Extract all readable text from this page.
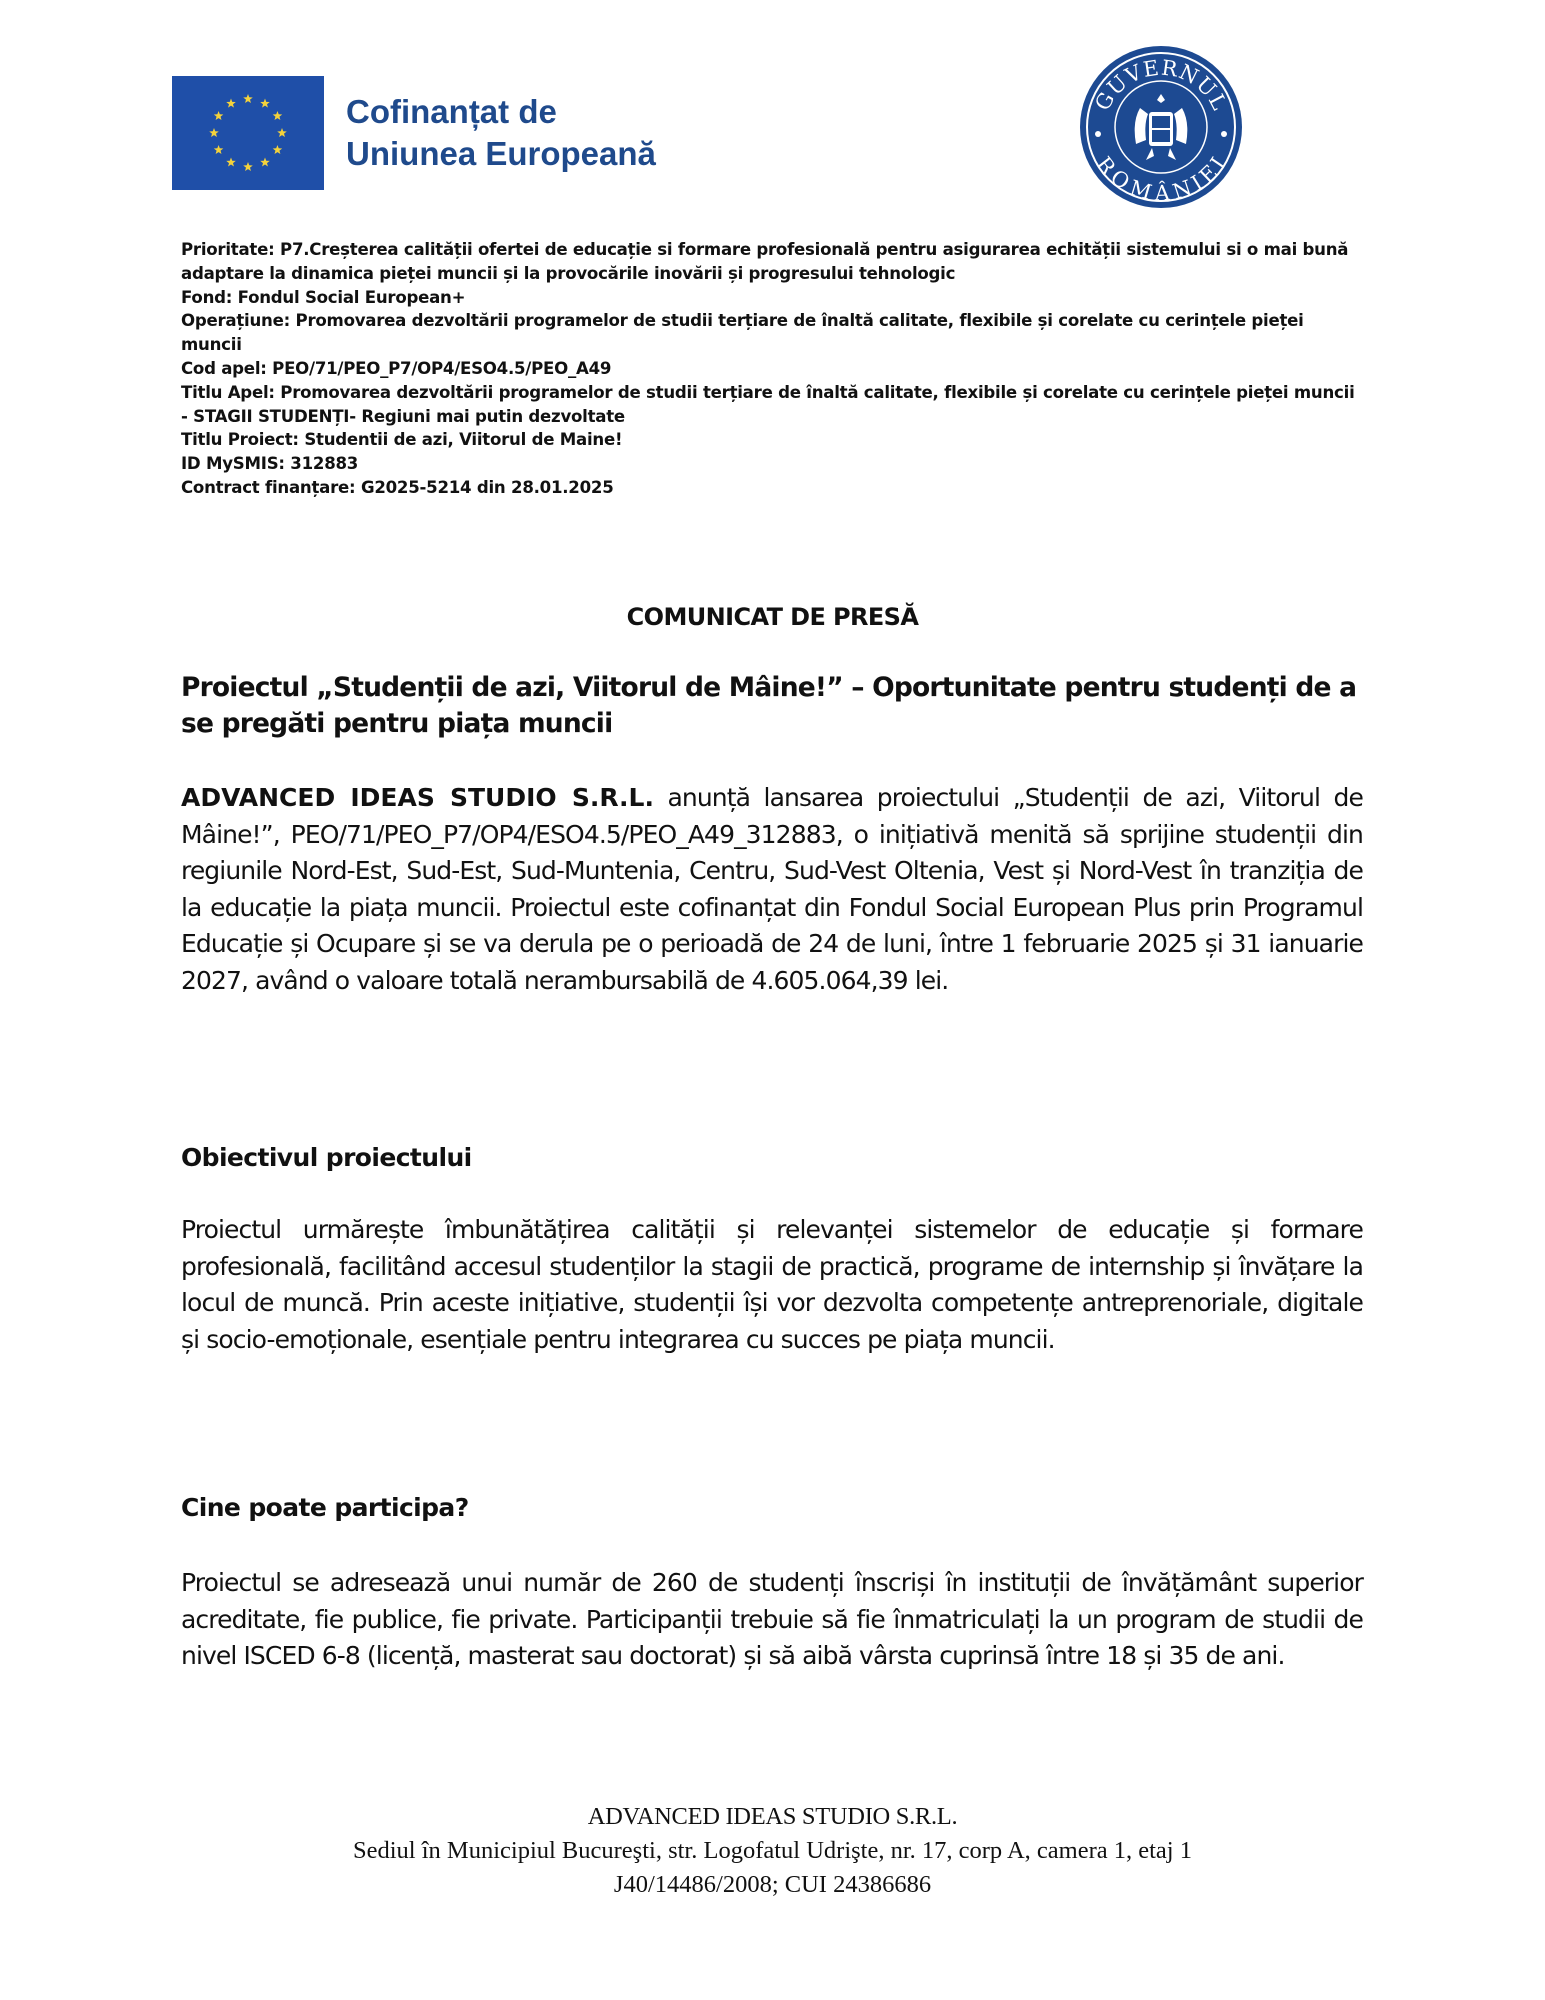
Cofinanțat de
Uniunea Europeană
GUVERNUL
ROMÂNIEI
Prioritate: P7.Creșterea calității ofertei de educație si formare profesională pentru asigurarea echității sistemului si o mai bună adaptare la dinamica pieței muncii și la provocările inovării și progresului tehnologic
Fond: Fondul Social European+
Operațiune: Promovarea dezvoltării programelor de studii terțiare de înaltă calitate, flexibile și corelate cu cerințele pieței muncii
Cod apel: PEO/71/PEO_P7/OP4/ESO4.5/PEO_A49
Titlu Apel: Promovarea dezvoltării programelor de studii terțiare de înaltă calitate, flexibile și corelate cu cerințele pieței muncii - STAGII STUDENȚI- Regiuni mai putin dezvoltate
Titlu Proiect: Studentii de azi, Viitorul de Maine!
ID MySMIS: 312883
Contract finanțare: G2025-5214 din 28.01.2025
COMUNICAT DE PRESĂ
Proiectul „Studenții de azi, Viitorul de Mâine!” – Oportunitate pentru studenți de a se pregăti pentru piața muncii
ADVANCED IDEAS STUDIO S.R.L. anunță lansarea proiectului „Studenții de azi, Viitorul de Mâine!”, PEO/71/PEO_P7/OP4/ESO4.5/PEO_A49_312883, o inițiativă menită să sprijine studenții din regiunile Nord-Est, Sud-Est, Sud-Muntenia, Centru, Sud-Vest Oltenia, Vest și Nord-Vest în tranziția de la educație la piața muncii. Proiectul este cofinanțat din Fondul Social European Plus prin Programul Educație și Ocupare și se va derula pe o perioadă de 24 de luni, între 1 februarie 2025 și 31 ianuarie 2027, având o valoare totală nerambursabilă de 4.605.064,39 lei.
Obiectivul proiectului
Proiectul urmărește îmbunătățirea calității și relevanței sistemelor de educație și formare profesională, facilitând accesul studenților la stagii de practică, programe de internship și învățare la locul de muncă. Prin aceste inițiative, studenții își vor dezvolta competențe antreprenoriale, digitale și socio-emoționale, esențiale pentru integrarea cu succes pe piața muncii.
Cine poate participa?
Proiectul se adresează unui număr de 260 de studenți înscriși în instituții de învățământ superior acreditate, fie publice, fie private. Participanții trebuie să fie înmatriculați la un program de studii de nivel ISCED 6-8 (licență, masterat sau doctorat) și să aibă vârsta cuprinsă între 18 și 35 de ani.
ADVANCED IDEAS STUDIO S.R.L.
Sediul în Municipiul Bucureşti, str. Logofatul Udrişte, nr. 17, corp A, camera 1, etaj 1
J40/14486/2008; CUI 24386686
